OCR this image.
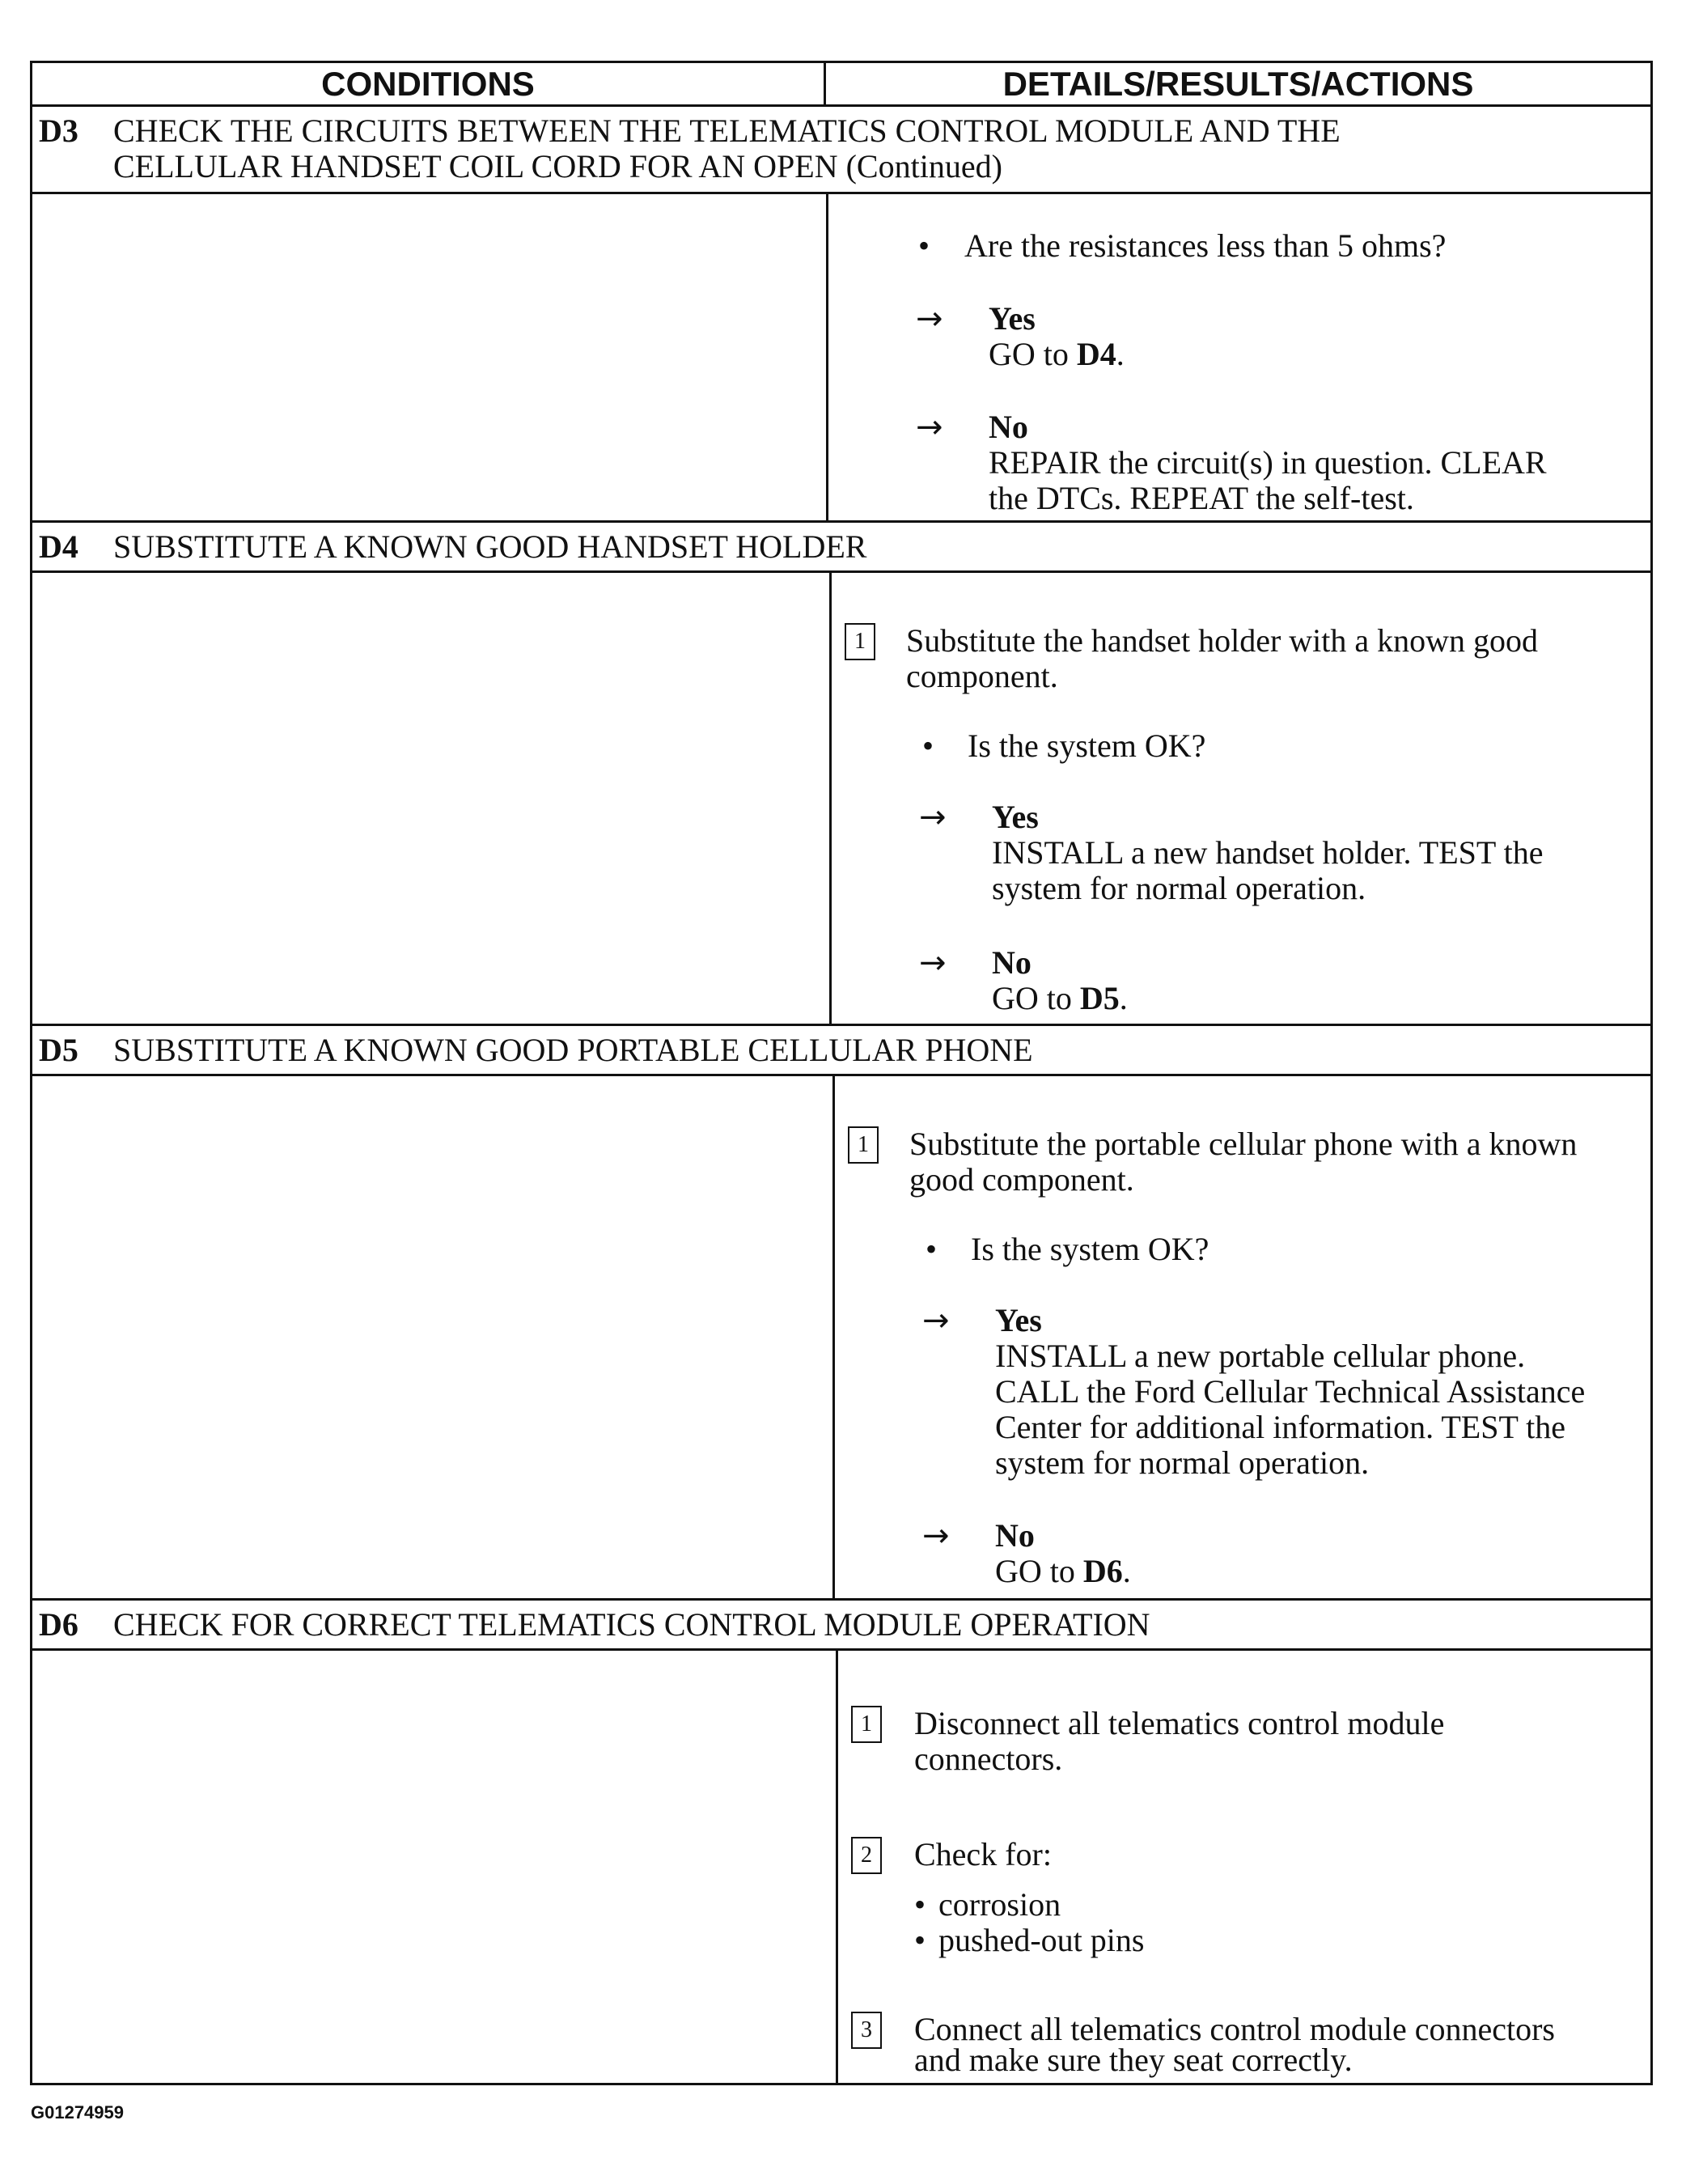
CONDITIONS	DETAILS/RESULTS/ACTIONS
D3 CHECK THE CIRCUITS BETWEEN THE TELEMATICS CONTROL MODULE AND THE
CELLULAR HANDSET COIL CORD FOR AN OPEN (Continued)
• Are the resistances less than 5 ohms?
→ Yes
GO to D4.
→ No
REPAIR the circuit(s) in question. CLEAR
the DTCs. REPEAT the self-test.
D4 SUBSTITUTE A KNOWN GOOD HANDSET HOLDER
1	Substitute the handset holder with a known good
component.
• Is the system OK?
→ Yes
INSTALL a new handset holder. TEST the
system for normal operation.
→ No
GO to D5.
D5 SUBSTITUTE A KNOWN GOOD PORTABLE CELLULAR PHONE
1	Substitute the portable cellular phone with a known
good component.
• Is the system OK?
→ Yes
INSTALL a new portable cellular phone.
CALL the Ford Cellular Technical Assistance
Center for additional information. TEST the
system for normal operation.
→ No
GO to D6.
D6 CHECK FOR CORRECT TELEMATICS CONTROL MODULE OPERATION
1	Disconnect all telematics control module
connectors.
2	Check for:
• corrosion
• pushed-out pins
3	Connect all telematics control module connectors
and make sure they seat correctly.
G01274959
